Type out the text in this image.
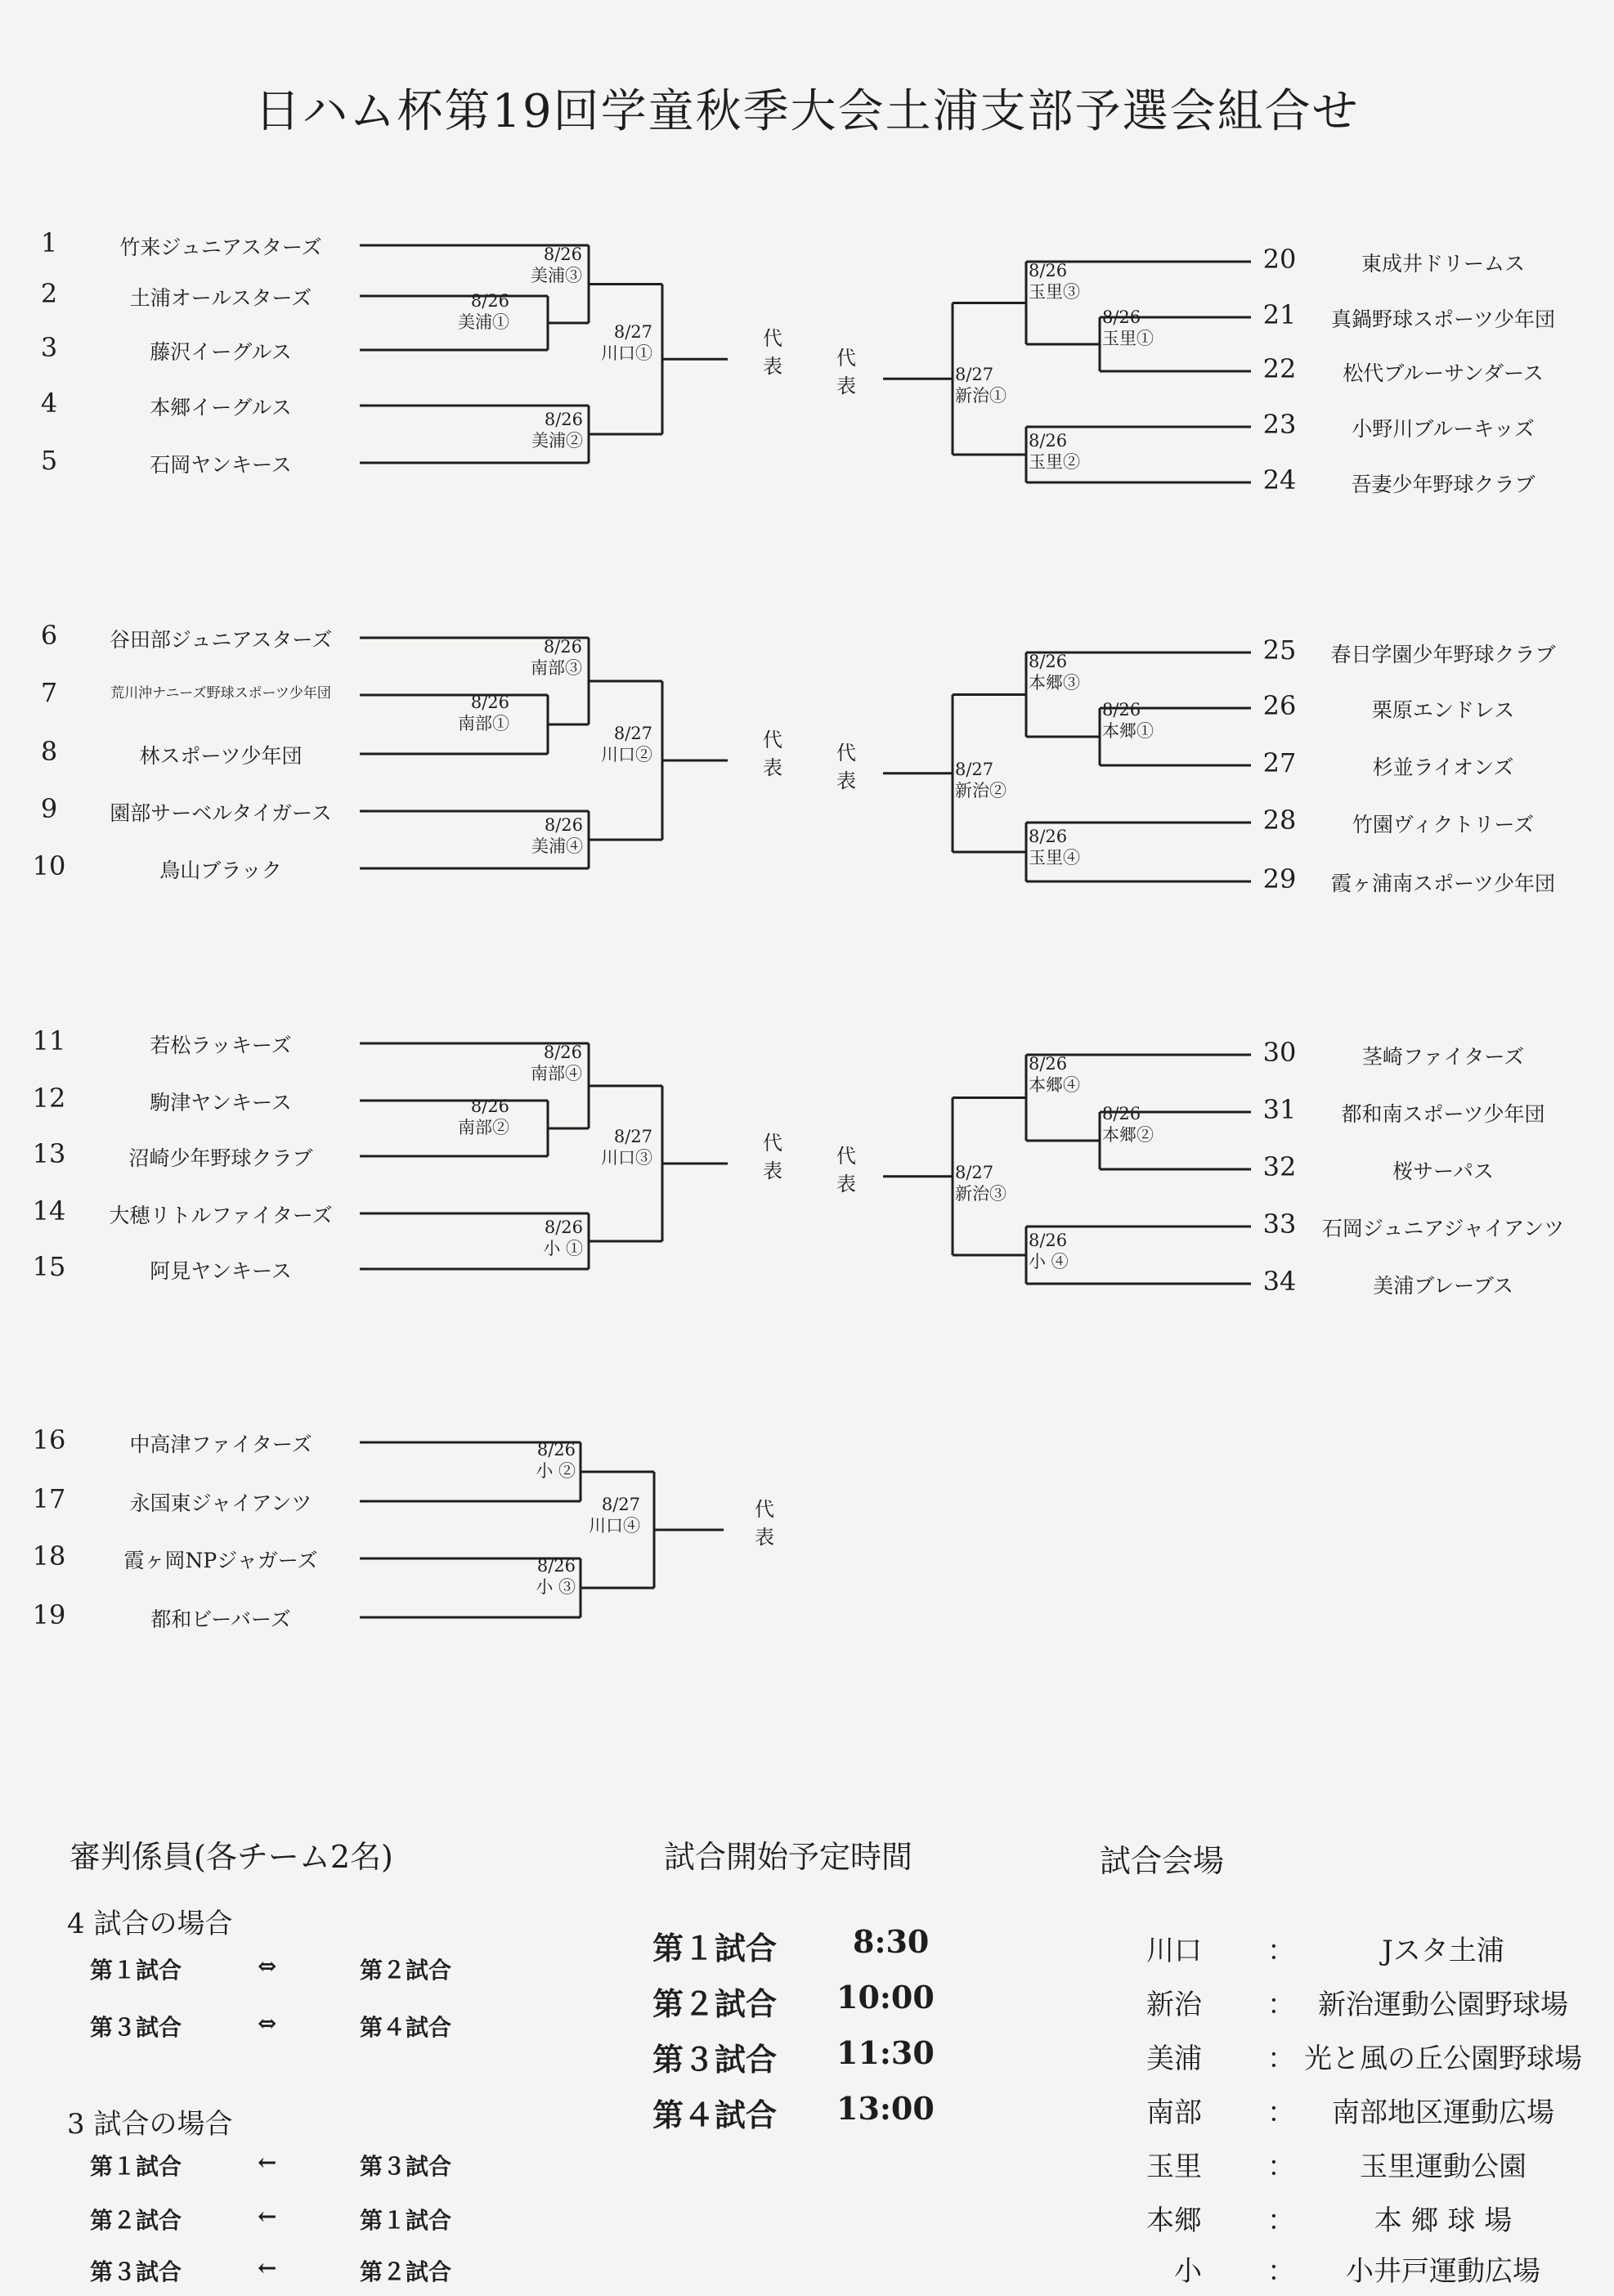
日ハム杯第19回学童秋季大会土浦支部予選会組合せ
1	竹来ジュニアスターズ
2	土浦オールスターズ
3	藤沢イーグルス
4	本郷イーグルス
5	石岡ヤンキース
6	谷田部ジュニアスターズ
7	荒川沖ナニーズ野球スポーツ少年団
8	林スポーツ少年団
9	園部サーベルタイガース
10	鳥山ブラック
11	若松ラッキーズ
12	駒津ヤンキース
13	沼崎少年野球クラブ
14	大穂リトルファイターズ
15	阿見ヤンキース
16	中高津ファイターズ
17	永国東ジャイアンツ
18	霞ヶ岡NPジャガーズ
19	都和ビーバーズ
8/26
美浦③
8/26
美浦①
8/27
川口①
8/26
美浦②
代
表
8/26
南部③
8/26
南部①	8/27
川口②
8/26
美浦④
代
表
8/26
南部④
8/26
南部②	8/27
川口③
8/26
小 ①
代
表
8/26
小 ②
8/27
川口④
8/26
小 ③
代
表
20	東成井ドリームス
21	真鍋野球スポーツ少年団
22	松代ブルーサンダース
23	小野川ブルーキッズ
24	吾妻少年野球クラブ
25	春日学園少年野球クラブ
26	栗原エンドレス
27	杉並ライオンズ
28	竹園ヴィクトリーズ
29	霞ヶ浦南スポーツ少年団
30	茎崎ファイターズ
31	都和南スポーツ少年団
32	桜サーパス
33	石岡ジュニアジャイアンツ
34	美浦ブレーブス
8/26
玉里③
8/26
玉里①
8/27
新治①
8/26
玉里②
代
表
8/26
本郷③
8/26
本郷①
8/27
新治②
8/26
玉里④
代
表
8/26
本郷④
8/26
本郷②
8/27
新治③
8/26
小 ④
代
表
審判係員(各チーム2名)
4 試合の場合
第１試合	⇔	第２試合
第３試合	⇔	第４試合
3 試合の場合
第１試合	←	第３試合
第２試合	←	第１試合
第３試合	←	第２試合
試合開始予定時間
第１試合 8:30
第２試合 10:00
第３試合 11:30
第４試合 13:00
試合会場
川口 ：	Jスタ土浦
新治 ： 新治運動公園野球場
美浦 ： 光と風の丘公園野球場
南部 ：	南部地区運動広場
玉里 ：	玉里運動公園
本郷 ：	本 郷 球 場
小 ：	小井戸運動広場
